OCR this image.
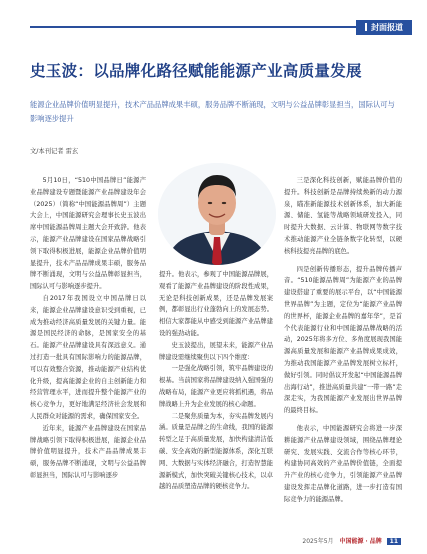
封面报道
史玉波：以品牌化路径赋能能源产业高质量发展
能源企业品牌价值明显提升，技术产品品牌成果丰硕，服务品牌不断涌现，文明与公益品牌彰显担当，国际认可与影响逐步提升
文/本刊记者 雷玄

5月10日，“510中国品牌日”能源产业品牌建设专题暨能源产业品牌建设年会（2025）（简称“中国能源品牌周”）主题大会上，中国能源研究会理事长史玉波出席中国能源品牌周主题大会开致辞。他表示，能源产业品牌建设在国家品牌战略引领下取得积极进展，能源企业品牌价值明显提升，技术产品品牌成果丰硕，服务品牌不断涌现，文明与公益品牌彰显担当，国际认可与影响逐步提升。

自2017年我国设立中国品牌日以来，能源企业品牌建设意识受到重视，已成为推动经济高质量发展的关键力量。能源是国民经济的命脉，是国家安全的基石。能源产业品牌建设具有深远意义。通过打造一批具有国际影响力的能源品牌，可以有效整合资源，推动能源产业结构优化升级，提高能源企业的自主创新能力和经营管理水平，进而提升整个能源产业的核心竞争力，更好地满足经济社会发展和人民群众对能源的需求，确保国家安全。

近年来，能源产业品牌建设在国家品牌战略引领下取得积极进展，能源企业品牌价值明显提升，技术产品品牌成果丰硕，服务品牌不断涌现，文明与公益品牌彰显担当，国际认可与影响逐步

提升。他表示，参观了中国能源品牌展，观看了能源产业品牌建设的阶段性成果，无论是科技创新成果，还是品牌发展案例，都彰显出行业蓬勃向上的发展态势。相信大家都能从中感受到能源产业品牌建设的强劲动能。

史玉波提出，展望未来，能源产业品牌建设需继续聚焦以下四个维度：

一是强化战略引领，筑牢品牌建设的根基。当前国家将品牌建设纳入强国强的战略布局，能源产业更应将抓机遇，将品牌战略上升为企业发展的核心命题。

二是聚焦质量为本，夯实品牌发展内涵。质量是品牌之的生命线，我国的能源转型之足于高质量发展，加快构建清洁低碳、安全高效的新型能源体系，深化互联网、大数据与实体经济融合，打造智慧能源新模式，加快突破关键核心技术，以卓越的品质塑造品牌的硬核竞争力。

三是深化科技创新，赋能品牌价值的提升。科技创新是品牌持续焕新的动力源泉，瞄准新能源技术创新体系，加大新能源、储能、氢能等战略领域研发投入，同时提升大数据、云计算、物联网等数字技术推动能源产业全链条数字化转型，以硬核科技提亮品牌的底色。

四是创新传播形态，提升品牌传播声音。“510能源品牌周”为能源产业的品牌建设搭建了重要的展示平台，以“中国能源　世界品牌”为主题，定位为“能源产业品牌的世界杯，能源企业品牌的嘉年华”，是首个代表能源行业和中国能源品牌战略的活动，2025年将多方位、多角度展现我国能源高质量发展和能源产业品牌成果成效，为推动我国能源产业品牌发展树立标杆，做好引领。同时倡议开发起“中国能源品牌出海行动”，推进高质量共建“一带一路”走深走实，为我国能源产业发展出世界品牌的最终目标。

他表示，中国能源研究会将进一步深耕能源产业品牌建设领域，围绕品牌理论研究、发展实践、交流合作等核心环节，构建协同高效的产业品牌价值链，全面提升产业的核心竞争力，引领能源产业品牌建设发挥走品牌化道路，进一步打造有国际竞争力的能源品牌。

2025年5月 中国能源 · 品牌 11
